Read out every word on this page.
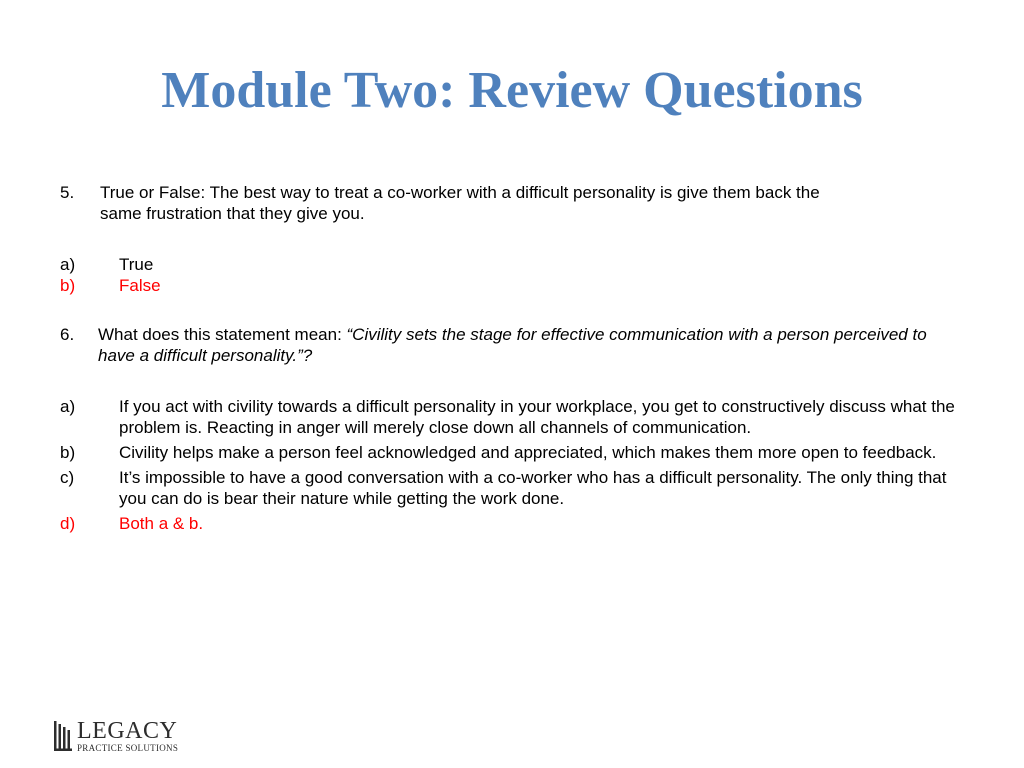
Module Two: Review Questions
5.	True or False: The best way to treat a co-worker with a difficult personality is give them back the
same frustration that they give you.
a)	True
b)	False
6.	What does this statement mean: “Civility sets the stage for effective communication with a person perceived to have a difficult personality.”?
a)	If you act with civility towards a difficult personality in your workplace, you get to constructively discuss what the problem is. Reacting in anger will merely close down all channels of communication.
b)	Civility helps make a person feel acknowledged and appreciated, which makes them more open to feedback.
c)	It’s impossible to have a good conversation with a co-worker who has a difficult personality. The only thing that you can do is bear their nature while getting the work done.
d)	Both a & b.
LEGACY
PRACTICE SOLUTIONS
